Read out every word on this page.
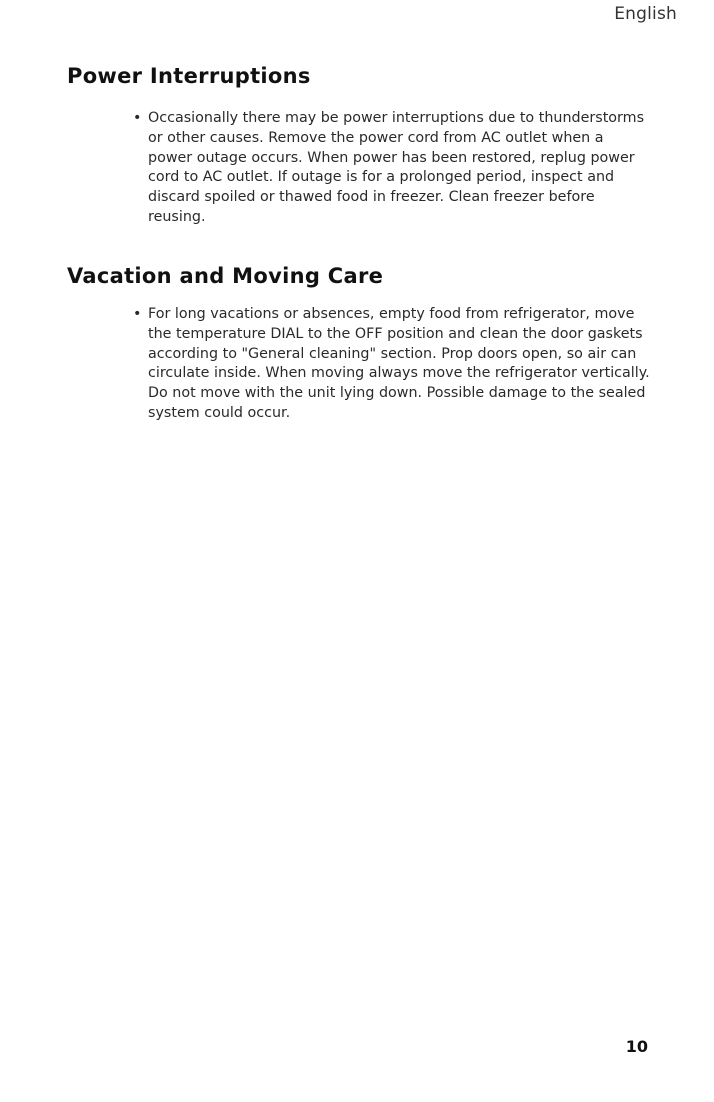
English
Power Interruptions
• Occasionally there may be power interruptions due to thunderstorms
or other causes. Remove the power cord from AC outlet when a
power outage occurs. When power has been restored, replug power
cord to AC outlet. If outage is for a prolonged period, inspect and
discard spoiled or thawed food in freezer. Clean freezer before
reusing.
Vacation and Moving Care
• For long vacations or absences, empty food from refrigerator, move
the temperature DIAL to the OFF position and clean the door gaskets
according to "General cleaning" section. Prop doors open, so air can
circulate inside. When moving always move the refrigerator vertically.
Do not move with the unit lying down. Possible damage to the sealed
system could occur.
10
